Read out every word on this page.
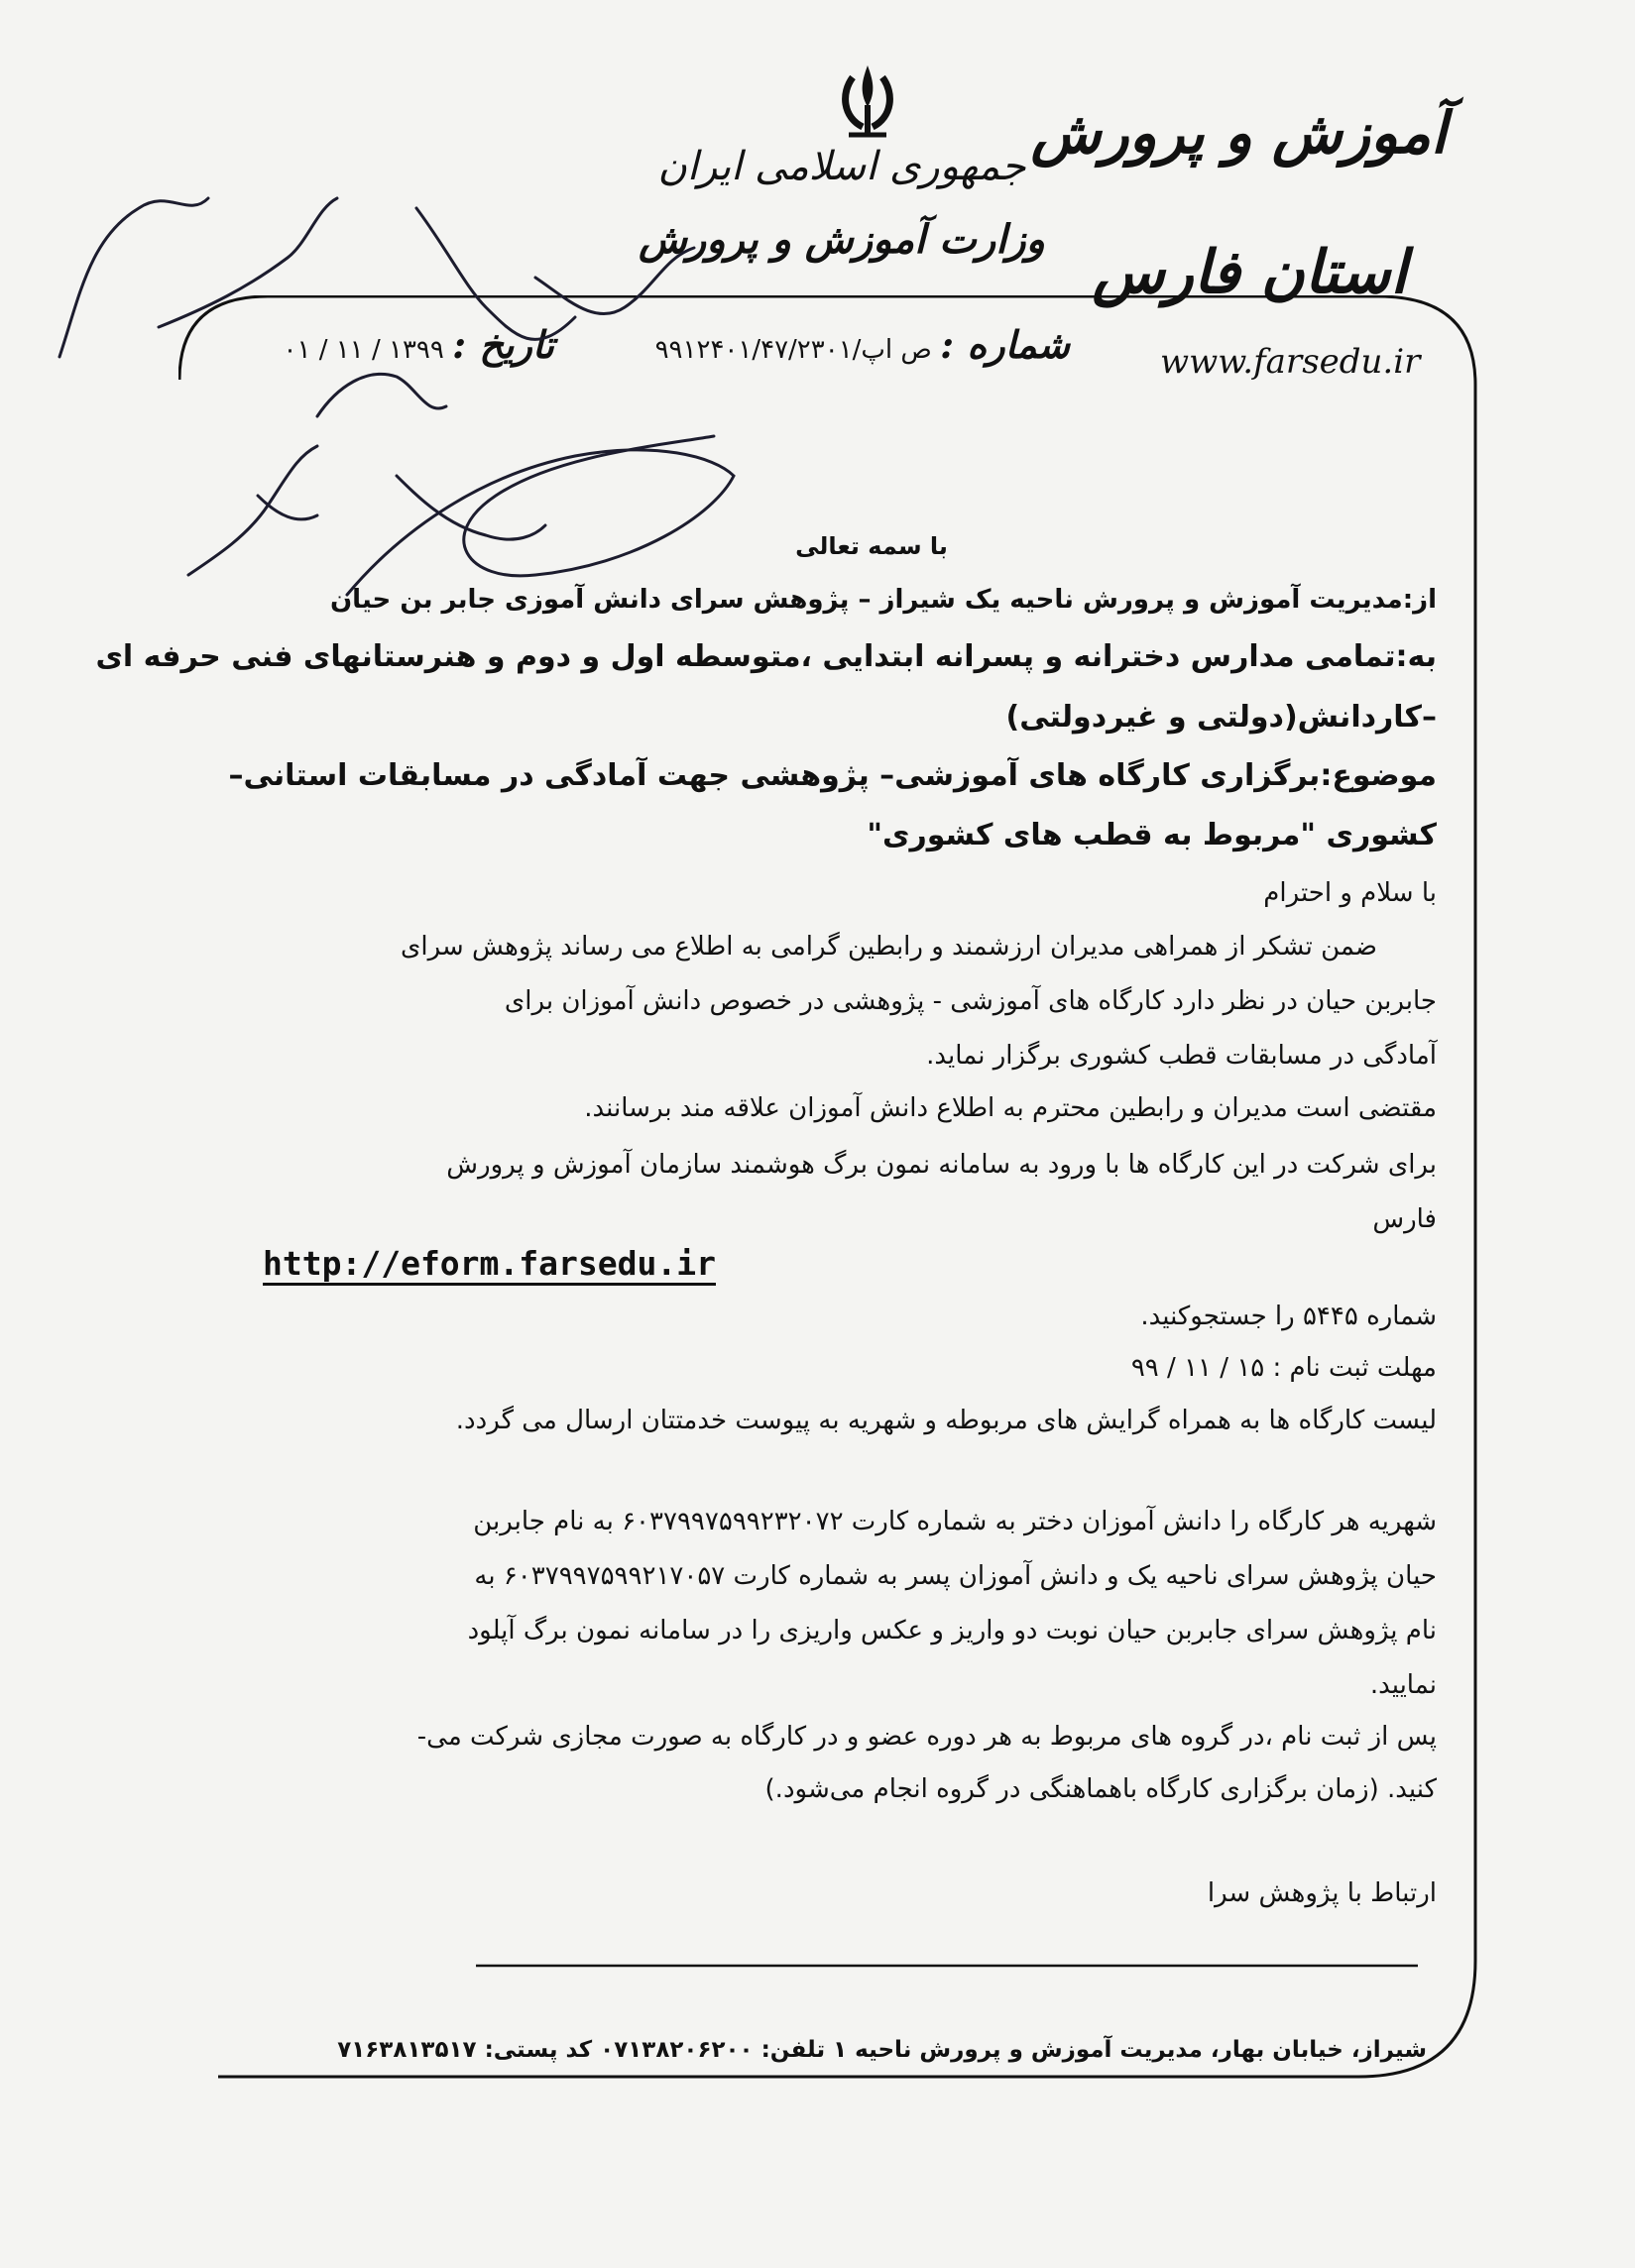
آموزش و پرورش
استان فارس
جمهوری اسلامی ایران
وزارت آموزش و پرورش
www.farsedu.ir
شماره : ص اپ/۹۹۱۲۴۰۱/۴۷/۲۳۰۱
تاریخ : ۱۳۹۹ / ۱۱ / ۰۱
با سمه تعالی
از:مدیریت آموزش و پرورش ناحیه یک شیراز – پژوهش سرای دانش آموزی جابر بن حیان
به:تمامی مدارس دخترانه و پسرانه ابتدایی ،متوسطه اول و دوم و هنرستانهای فنی حرفه ای
–کاردانش(دولتی و غیردولتی)
موضوع:برگزاری کارگاه های آموزشی– پژوهشی جهت آمادگی در مسابقات استانی–
کشوری "مربوط به قطب های کشوری"
با سلام و احترام
ضمن تشکر از همراهی مدیران ارزشمند و رابطین گرامی به اطلاع می رساند پژوهش سرای
جابربن حیان در نظر دارد کارگاه های آموزشی - پژوهشی در خصوص دانش آموزان برای
آمادگی در مسابقات قطب کشوری برگزار نماید.
مقتضی است مدیران و رابطین محترم به اطلاع دانش آموزان علاقه مند برسانند.
برای شرکت در این کارگاه ها با ورود به سامانه نمون برگ هوشمند سازمان آموزش و پرورش
فارس
http://eform.farsedu.ir
شماره ۵۴۴۵ را جستجوکنید.
مهلت ثبت نام : ۱۵ / ۱۱ / ۹۹
لیست کارگاه ها به همراه گرایش های مربوطه و شهریه به پیوست خدمتتان ارسال می گردد.
شهریه هر کارگاه را دانش آموزان دختر به شماره کارت ۶۰۳۷۹۹۷۵۹۹۲۳۲۰۷۲ به نام جابربن
حیان پژوهش سرای ناحیه یک و دانش آموزان پسر به شماره کارت ۶۰۳۷۹۹۷۵۹۹۲۱۷۰۵۷ به
نام پژوهش سرای جابربن حیان نوبت دو واریز و عکس واریزی را در سامانه نمون برگ آپلود
نمایید.
پس از ثبت نام ،در گروه های مربوط به هر دوره عضو و در کارگاه به صورت مجازی شرکت می-
کنید. (زمان برگزاری کارگاه باهماهنگی در گروه انجام می‌شود.)
ارتباط با پژوهش سرا
شیراز، خیابان بهار، مدیریت آموزش و پرورش ناحیه ۱ تلفن: ۰۷۱۳۸۲۰۶۲۰۰ کد پستی: ۷۱۶۳۸۱۳۵۱۷
